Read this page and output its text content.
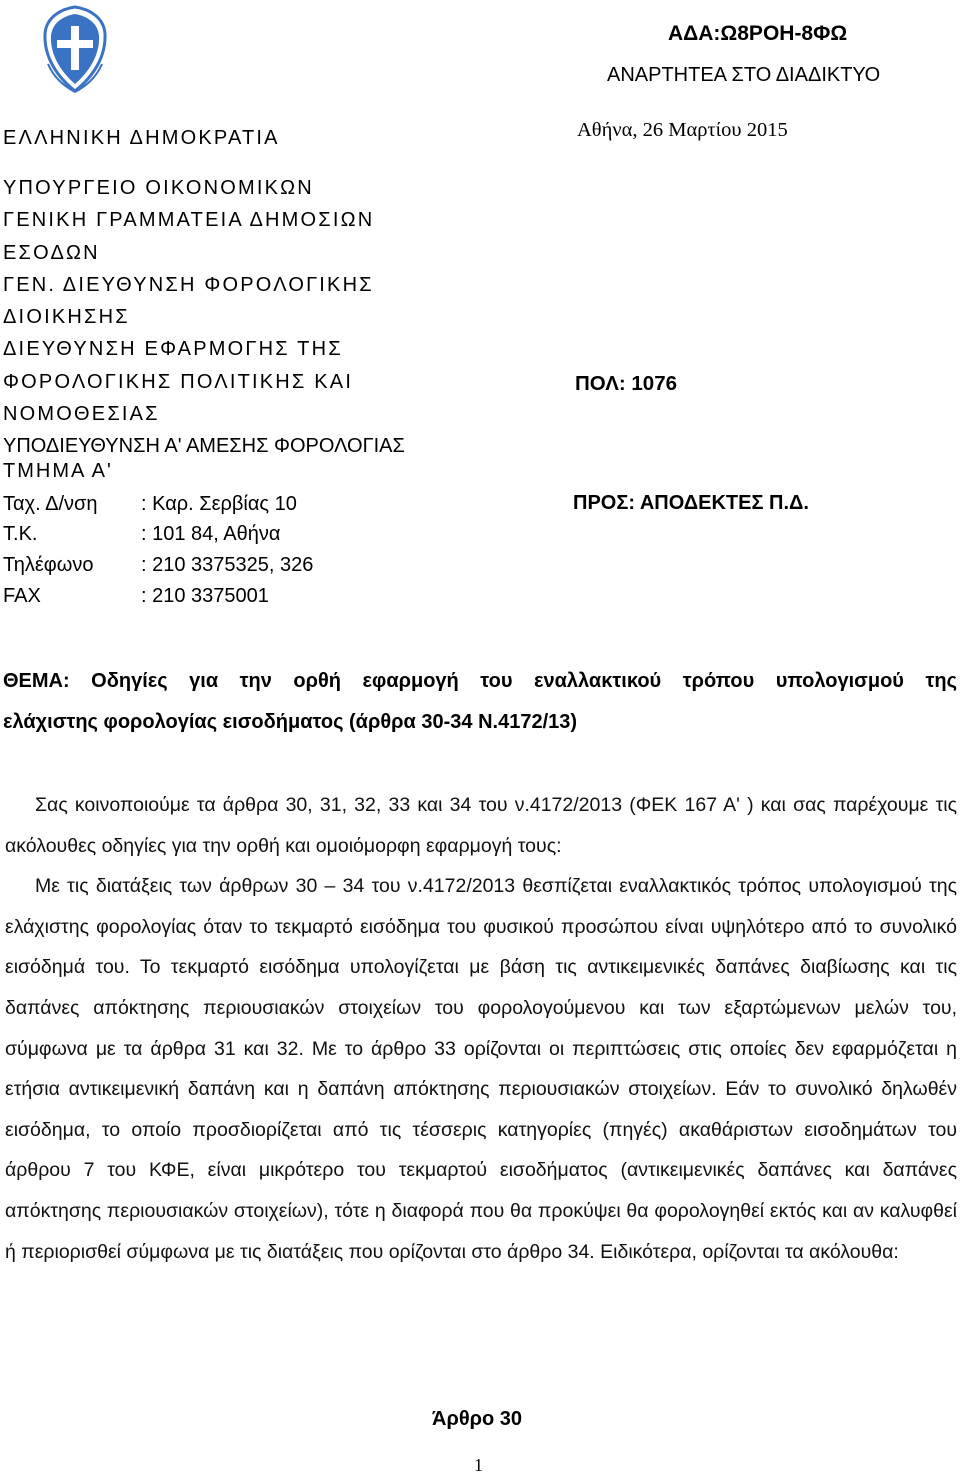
ΑΔΑ:Ω8ΡΟΗ-8ΦΩ
ΑΝΑΡΤΗΤΕΑ ΣΤΟ ΔΙΑΔΙΚΤΥΟ
Αθήνα, 26 Μαρτίου 2015
ΕΛΛΗΝΙΚΗ ΔΗΜΟΚΡΑΤΙΑ
ΥΠΟΥΡΓΕΙΟ ΟΙΚΟΝΟΜΙΚΩΝ
ΓΕΝΙΚΗ ΓΡΑΜΜΑΤΕΙΑ ΔΗΜΟΣΙΩΝ
ΕΣΟΔΩΝ
ΓΕΝ. ΔΙΕΥΘΥΝΣΗ ΦΟΡΟΛΟΓΙΚΗΣ
ΔΙΟΙΚΗΣΗΣ
ΔΙΕΥΘΥΝΣΗ ΕΦΑΡΜΟΓΗΣ ΤΗΣ
ΦΟΡΟΛΟΓΙΚΗΣ ΠΟΛΙΤΙΚΗΣ ΚΑΙ
ΝΟΜΟΘΕΣΙΑΣ
ΥΠΟΔΙΕΥΘΥΝΣΗ Α' ΑΜΕΣΗΣ ΦΟΡΟΛΟΓΙΑΣ
ΤΜΗΜΑ Α'
ΠΟΛ: 1076
ΠΡΟΣ: ΑΠΟΔΕΚΤΕΣ Π.Δ.
Ταχ. Δ/νση : Καρ. Σερβίας 10
Τ.Κ.	: 101 84, Αθήνα
Τηλέφωνο : 210 3375325, 326
FAX	: 210 3375001
ΘΕΜΑ: Οδηγίες για την ορθή εφαρμογή του εναλλακτικού τρόπου υπολογισμού της
ελάχιστης φορολογίας εισοδήματος (άρθρα 30-34 Ν.4172/13)

Σας κοινοποιούμε τα άρθρα 30, 31, 32, 33 και 34 του ν.4172/2013 (ΦΕΚ 167 Α' ) και σας παρέχουμε τις ακόλουθες οδηγίες για την ορθή και ομοιόμορφη εφαρμογή τους:

Με τις διατάξεις των άρθρων 30 – 34 του ν.4172/2013 θεσπίζεται εναλλακτικός τρόπος υπολογισμού της ελάχιστης φορολογίας όταν το τεκμαρτό εισόδημα του φυσικού προσώπου είναι υψηλότερο από το συνολικό εισόδημά του. Το τεκμαρτό εισόδημα υπολογίζεται με βάση τις αντικειμενικές δαπάνες διαβίωσης και τις δαπάνες απόκτησης περιουσιακών στοιχείων του φορολογούμενου και των εξαρτώμενων μελών του, σύμφωνα με τα άρθρα 31 και 32. Με το άρθρο 33 ορίζονται οι περιπτώσεις στις οποίες δεν εφαρμόζεται η ετήσια αντικειμενική δαπάνη και η δαπάνη απόκτησης περιουσιακών στοιχείων. Εάν το συνολικό δηλωθέν εισόδημα, το οποίο προσδιορίζεται από τις τέσσερις κατηγορίες (πηγές) ακαθάριστων εισοδημάτων του άρθρου 7 του ΚΦΕ, είναι μικρότερο του τεκμαρτού εισοδήματος (αντικειμενικές δαπάνες και δαπάνες απόκτησης περιουσιακών στοιχείων), τότε η διαφορά που θα προκύψει θα φορολογηθεί εκτός και αν καλυφθεί ή περιορισθεί σύμφωνα με τις διατάξεις που ορίζονται στο άρθρο 34. Ειδικότερα, ορίζονται τα ακόλουθα:

Άρθρο 30
1
